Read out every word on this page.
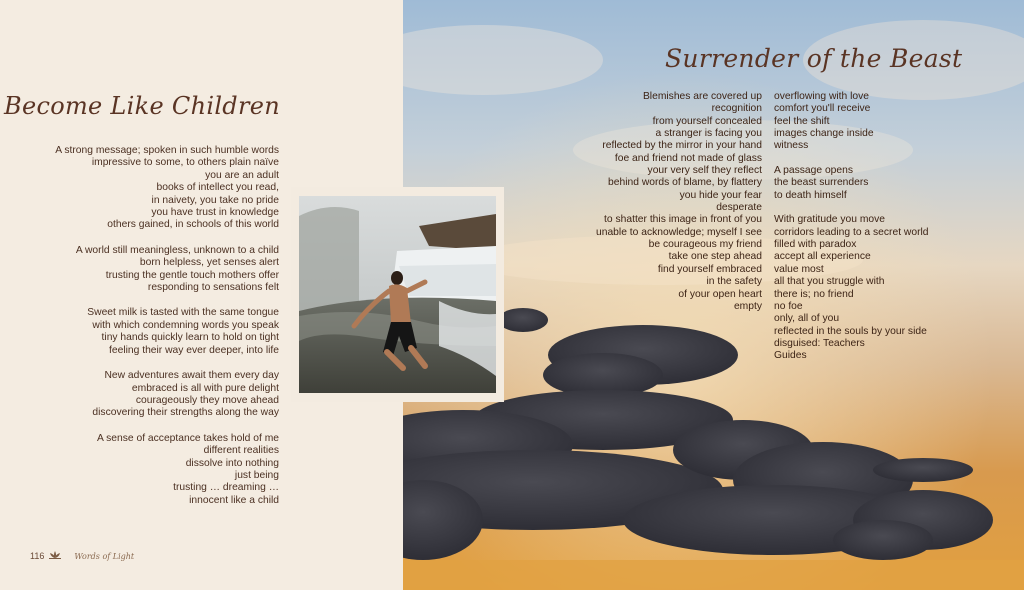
Become Like Children
A strong message; spoken in such humble words
impressive to some, to others plain naïve
you are an adult
books of intellect you read,
in naivety, you take no pride
you have trust in knowledge
others gained, in schools of this world
A world still meaningless, unknown to a child
born helpless, yet senses alert
trusting the gentle touch mothers offer
responding to sensations felt
Sweet milk is tasted with the same tongue
with which condemning words you speak
tiny hands quickly learn to hold on tight
feeling their way ever deeper, into life
New adventures await them every day
embraced is all with pure delight
courageously they move ahead
discovering their strengths along the way
A sense of acceptance takes hold of me
different realities
dissolve into nothing
just being
trusting … dreaming …
innocent like a child
Surrender of the Beast
Blemishes are covered up
recognition
from yourself concealed
a stranger is facing you
reflected by the mirror in your hand
foe and friend not made of glass
your very self they reflect
behind words of blame, by flattery
you hide your fear
desperate
to shatter this image in front of you
unable to acknowledge; myself I see
be courageous my friend
take one step ahead
find yourself embraced
in the safety
of your open heart
empty
overflowing with love
comfort you'll receive
feel the shift
images change inside
witness
A passage opens
the beast surrenders
to death himself
With gratitude you move
corridors leading to a secret world
filled with paradox
accept all experience
value most
all that you struggle with
there is; no friend
no foe
only, all of you
reflected in the souls by your side
disguised: Teachers
Guides
116	Words of Light
